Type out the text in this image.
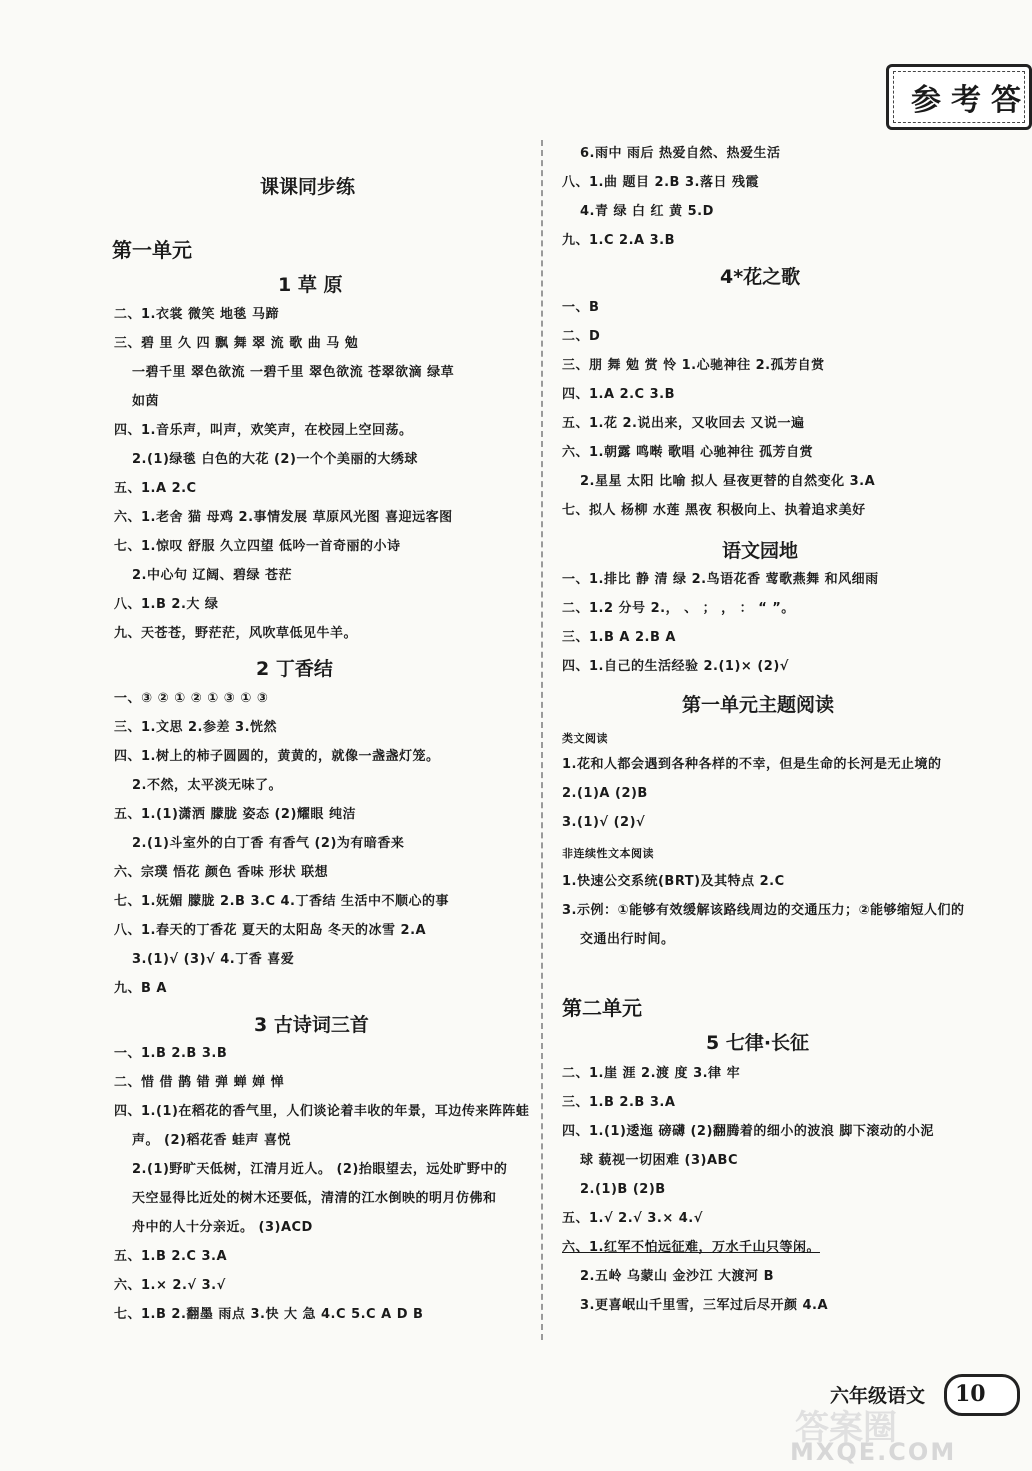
参考答
课课同步练
第一单元
1 草 原
二、1.衣裳 微笑 地毯 马蹄
三、碧 里 久 四 飘 舞 翠 流 歌 曲 马 勉
一碧千里 翠色欲流 一碧千里 翠色欲流 苍翠欲滴 绿草
如茵
四、1.音乐声，叫声，欢笑声，在校园上空回荡。
2.(1)绿毯 白色的大花 (2)一个个美丽的大绣球
五、1.A 2.C
六、1.老舍 猫 母鸡 2.事情发展 草原风光图 喜迎远客图
七、1.惊叹 舒服 久立四望 低吟一首奇丽的小诗
2.中心句 辽阔、碧绿 苍茫
八、1.B 2.大 绿
九、天苍苍，野茫茫，风吹草低见牛羊。
2 丁香结
一、③ ② ① ② ① ③ ① ③
三、1.文思 2.参差 3.恍然
四、1.树上的柿子圆圆的，黄黄的，就像一盏盏灯笼。
2.不然，太平淡无味了。
五、1.(1)潇洒 朦胧 姿态 (2)耀眼 纯洁
2.(1)斗室外的白丁香 有香气 (2)为有暗香来
六、宗璞 悟花 颜色 香味 形状 联想
七、1.妩媚 朦胧 2.B 3.C 4.丁香结 生活中不顺心的事
八、1.春天的丁香花 夏天的太阳岛 冬天的冰雪 2.A
3.(1)√ (3)√ 4.丁香 喜爱
九、B A
3 古诗词三首
一、1.B 2.B 3.B
二、惜 借 鹊 错 弹 蝉 婵 惮
四、1.(1)在稻花的香气里，人们谈论着丰收的年景，耳边传来阵阵蛙
声。 (2)稻花香 蛙声 喜悦
2.(1)野旷天低树，江清月近人。 (2)抬眼望去，远处旷野中的
天空显得比近处的树木还要低，清清的江水倒映的明月仿佛和
舟中的人十分亲近。 (3)ACD
五、1.B 2.C 3.A
六、1.× 2.√ 3.√
七、1.B 2.翻墨 雨点 3.快 大 急 4.C 5.C A D B
6.雨中 雨后 热爱自然、热爱生活
八、1.曲 题目 2.B 3.落日 残霞
4.青 绿 白 红 黄 5.D
九、1.C 2.A 3.B
4*花之歌
一、B
二、D
三、朋 舞 勉 赏 怜 1.心驰神往 2.孤芳自赏
四、1.A 2.C 3.B
五、1.花 2.说出来，又收回去 又说一遍
六、1.朝露 鸣啭 歌唱 心驰神往 孤芳自赏
2.星星 太阳 比喻 拟人 昼夜更替的自然变化 3.A
七、拟人 杨柳 水莲 黑夜 积极向上、执着追求美好
语文园地
一、1.排比 静 清 绿 2.鸟语花香 莺歌燕舞 和风细雨
二、1.2 分号 2.， 、 ； ， ： “ ”。
三、1.B A 2.B A
四、1.自己的生活经验 2.(1)× (2)√
第一单元主题阅读
类文阅读
1.花和人都会遇到各种各样的不幸，但是生命的长河是无止境的
2.(1)A (2)B
3.(1)√ (2)√
非连续性文本阅读
1.快速公交系统(BRT)及其特点 2.C
3.示例：①能够有效缓解该路线周边的交通压力；②能够缩短人们的
交通出行时间。
第二单元
5 七律·长征
二、1.崖 涯 2.渡 度 3.律 牢
三、1.B 2.B 3.A
四、1.(1)逶迤 磅礴 (2)翻腾着的细小的波浪 脚下滚动的小泥
球 藐视一切困难 (3)ABC
2.(1)B (2)B
五、1.√ 2.√ 3.× 4.√
六、1.红军不怕远征难，万水千山只等闲。
2.五岭 乌蒙山 金沙江 大渡河 B
3.更喜岷山千里雪，三军过后尽开颜 4.A
六年级语文 10
答案圈
MXQE.COM
